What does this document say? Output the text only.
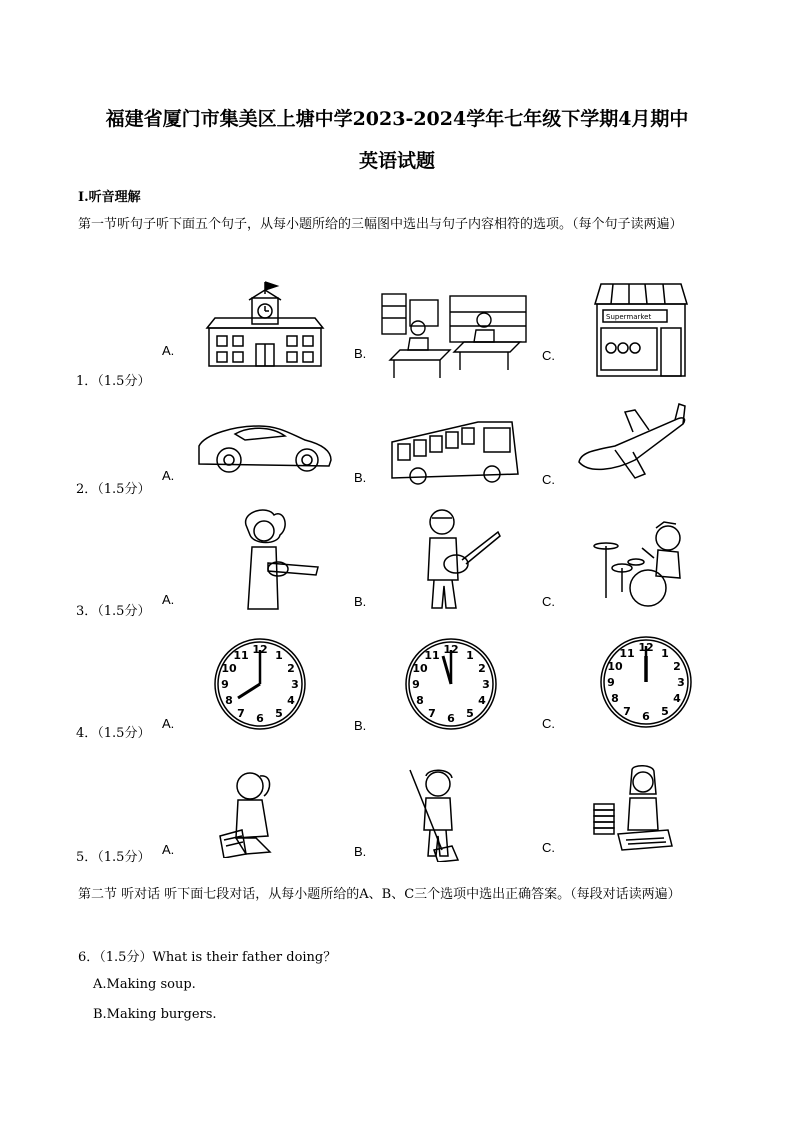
福建省厦门市集美区上塘中学2023-2024学年七年级下学期4月期中
英语试题
I.听音理解
第一节听句子听下面五个句子，从每小题所给的三幅图中选出与句子内容相符的选项。（每个句子读两遍）
1．（1.5分）
A.	B.	C.
Supermarket
2．（1.5分）
A.	B.	C.
3．（1.5分）
A.	B.	C.
4．（1.5分）
A.	B.	C.
12 1
2
3
4
5
6
7
8
9
10
11	12 1
2
3
4
5
6
7
8
9
10
11
12 1
2
3
4
5
6
7
8
9
10
11
5．（1.5分）
A.	B.	C.
第二节 听对话 听下面七段对话，从每小题所给的A、B、C三个选项中选出正确答案。（每段对话读两遍）
6．（1.5分）What is their father doing？
A.Making soup.
B.Making burgers.
